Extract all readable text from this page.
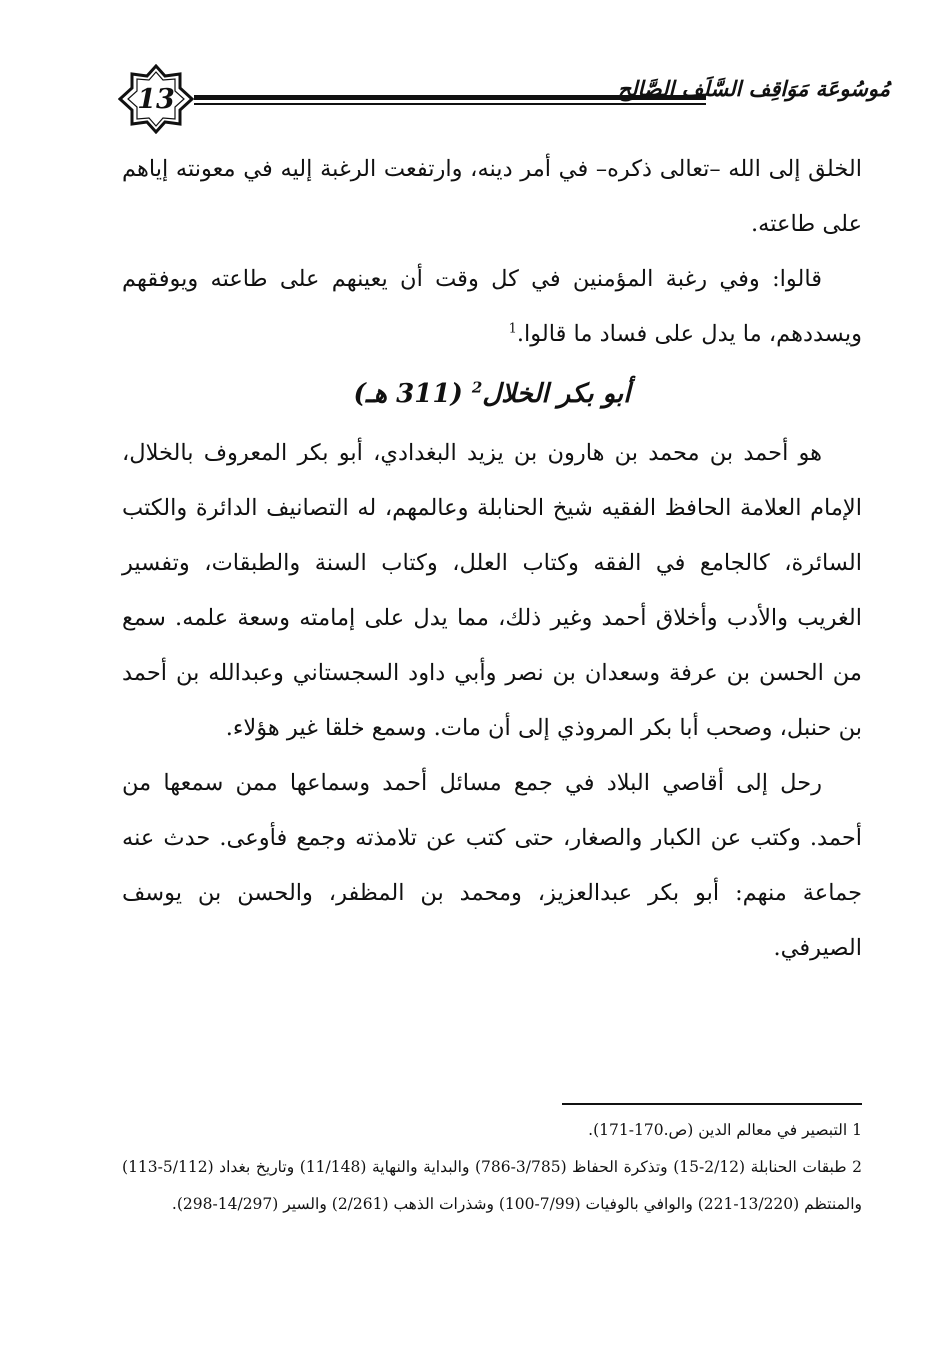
13	مُوسُوعَة مَوَاقِف السَّلَف الصَّالِح

الخلق إلى الله –تعالى ذكره– في أمر دينه، وارتفعت الرغبة إليه في معونته إياهم على طاعته.

قالوا: وفي رغبة المؤمنين في كل وقت أن يعينهم على طاعته ويوفقهم ويسددهم، ما يدل على فساد ما قالوا.$^1$

أبو بكر الخلال$^2$ (311 هـ)

هو أحمد بن محمد بن هارون بن يزيد البغدادي، أبو بكر المعروف بالخلال، الإمام العلامة الحافظ الفقيه شيخ الحنابلة وعالمهم، له التصانيف الدائرة والكتب السائرة، كالجامع في الفقه وكتاب العلل، وكتاب السنة والطبقات، وتفسير الغريب والأدب وأخلاق أحمد وغير ذلك، مما يدل على إمامته وسعة علمه. سمع من الحسن بن عرفة وسعدان بن نصر وأبي داود السجستاني وعبدالله بن أحمد بن حنبل، وصحب أبا بكر المروذي إلى أن مات. وسمع خلقا غير هؤلاء.

رحل إلى أقاصي البلاد في جمع مسائل أحمد وسماعها ممن سمعها من أحمد. وكتب عن الكبار والصغار، حتى كتب عن تلامذته وجمع فأوعى. حدث عنه جماعة منهم: أبو بكر عبدالعزيز، ومحمد بن المظفر، والحسن بن يوسف الصيرفي.

1 التبصير في معالم الدين (ص.170-171).

2 طبقات الحنابلة (2/12-15) وتذكرة الحفاظ (3/785-786) والبداية والنهاية (11/148) وتاريخ بغداد (5/112-113) والمنتظم (13/220-221) والوافي بالوفيات (7/99-100) وشذرات الذهب (2/261) والسير (14/297-298).
